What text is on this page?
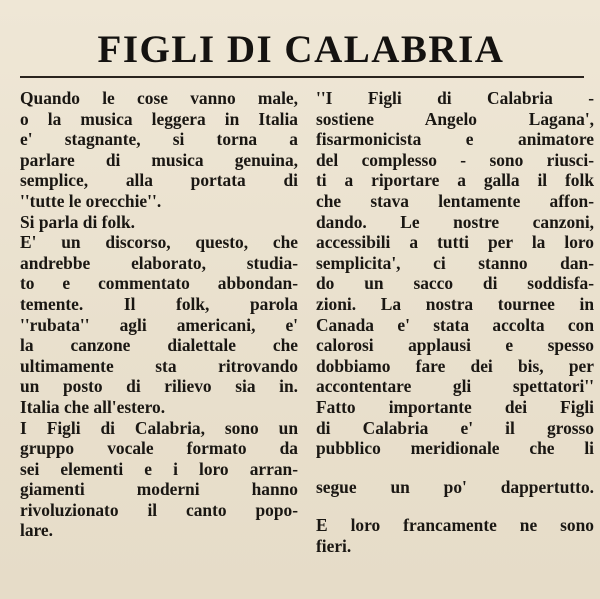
FIGLI DI CALABRIA
Quando le cose vanno male,
o la musica leggera in Italia
e' stagnante, si torna a
parlare di musica genuina,
semplice, alla portata di
''tutte le orecchie''.
Si parla di folk.
E' un discorso, questo, che
andrebbe elaborato, studia-
to e commentato abbondan-
temente. Il folk, parola
''rubata'' agli americani, e'
la canzone dialettale che
ultimamente sta ritrovando
un posto di rilievo sia in.
Italia che all'estero.
I Figli di Calabria, sono un
gruppo vocale formato da
sei elementi e i loro arran-
giamenti moderni hanno
rivoluzionato il canto popo-
lare.
''I Figli di Calabria -
sostiene Angelo Lagana',
fisarmonicista e animatore
del complesso - sono riusci-
ti a riportare a galla il folk
che stava lentamente affon-
dando. Le nostre canzoni,
accessibili a tutti per la loro
semplicita', ci stanno dan-
do un sacco di soddisfa-
zioni. La nostra tournee in
Canada e' stata accolta con
calorosi applausi e spesso
dobbiamo fare dei bis, per
accontentare gli spettatori''
Fatto importante dei Figli
di Calabria e' il grosso
pubblico meridionale che li
segue un po' dappertutto.
E loro francamente ne sono
fieri.
